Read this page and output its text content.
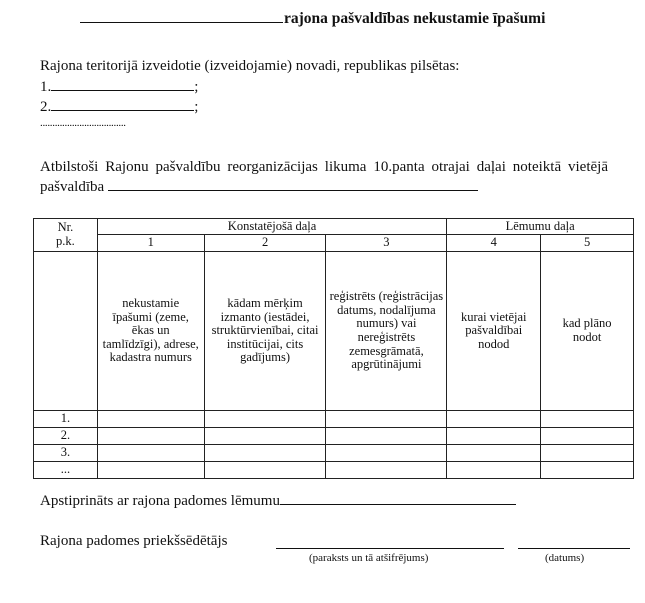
rajona pašvaldības nekustamie īpašumi
Rajona teritorijā izveidotie (izveidojamie) novadi, republikas pilsētas:
1.	;
2.	;
...................................
Atbilstoši Rajonu pašvaldību reorganizācijas likuma 10.panta otrajai daļai noteiktā vietējā pašvaldība
Nr.
p.k.	Konstatējošā daļa			Lēmumu daļa	
	1	2	3	4	5
	nekustamie īpašumi (zeme, ēkas un tamlīdzīgi), adrese, kadastra numurs	kādam mērķim izmanto (iestādei, struktūrvienībai, citai institūcijai, cits gadījums)	reģistrēts (reģistrācijas datums, nodalījuma numurs) vai nereģistrēts zemesgrāmatā, apgrūtinājumi	kurai vietējai pašvaldībai nodod	kad plāno nodot
1.					
2.					
3.					
...					
Apstiprināts ar rajona padomes lēmumu
Rajona padomes priekšsēdētājs
(paraksts un tā atšifrējums)	(datums)
